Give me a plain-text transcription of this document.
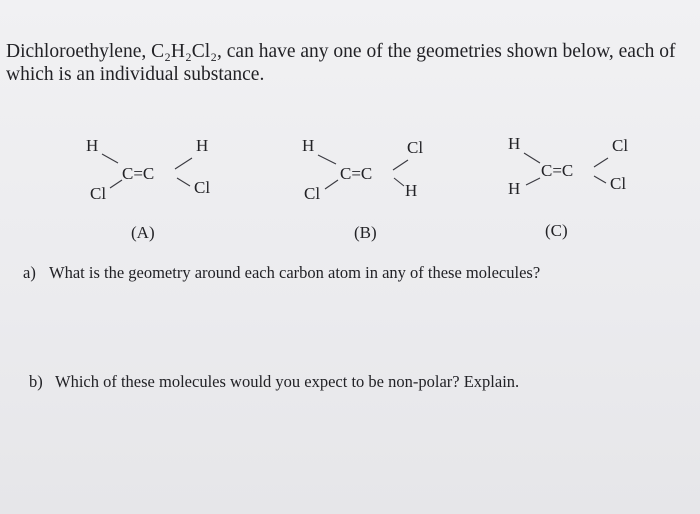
Dichloroethylene, C₂H₂Cl₂, can have any one of the geometries shown below, each of
which is an individual substance.
H
Cl
C=C
H
Cl
(A)
H
Cl
C=C
Cl
H
(B)
H
H
C=C
Cl
Cl
(C)
a) What is the geometry around each carbon atom in any of these molecules?
b) Which of these molecules would you expect to be non-polar? Explain.
